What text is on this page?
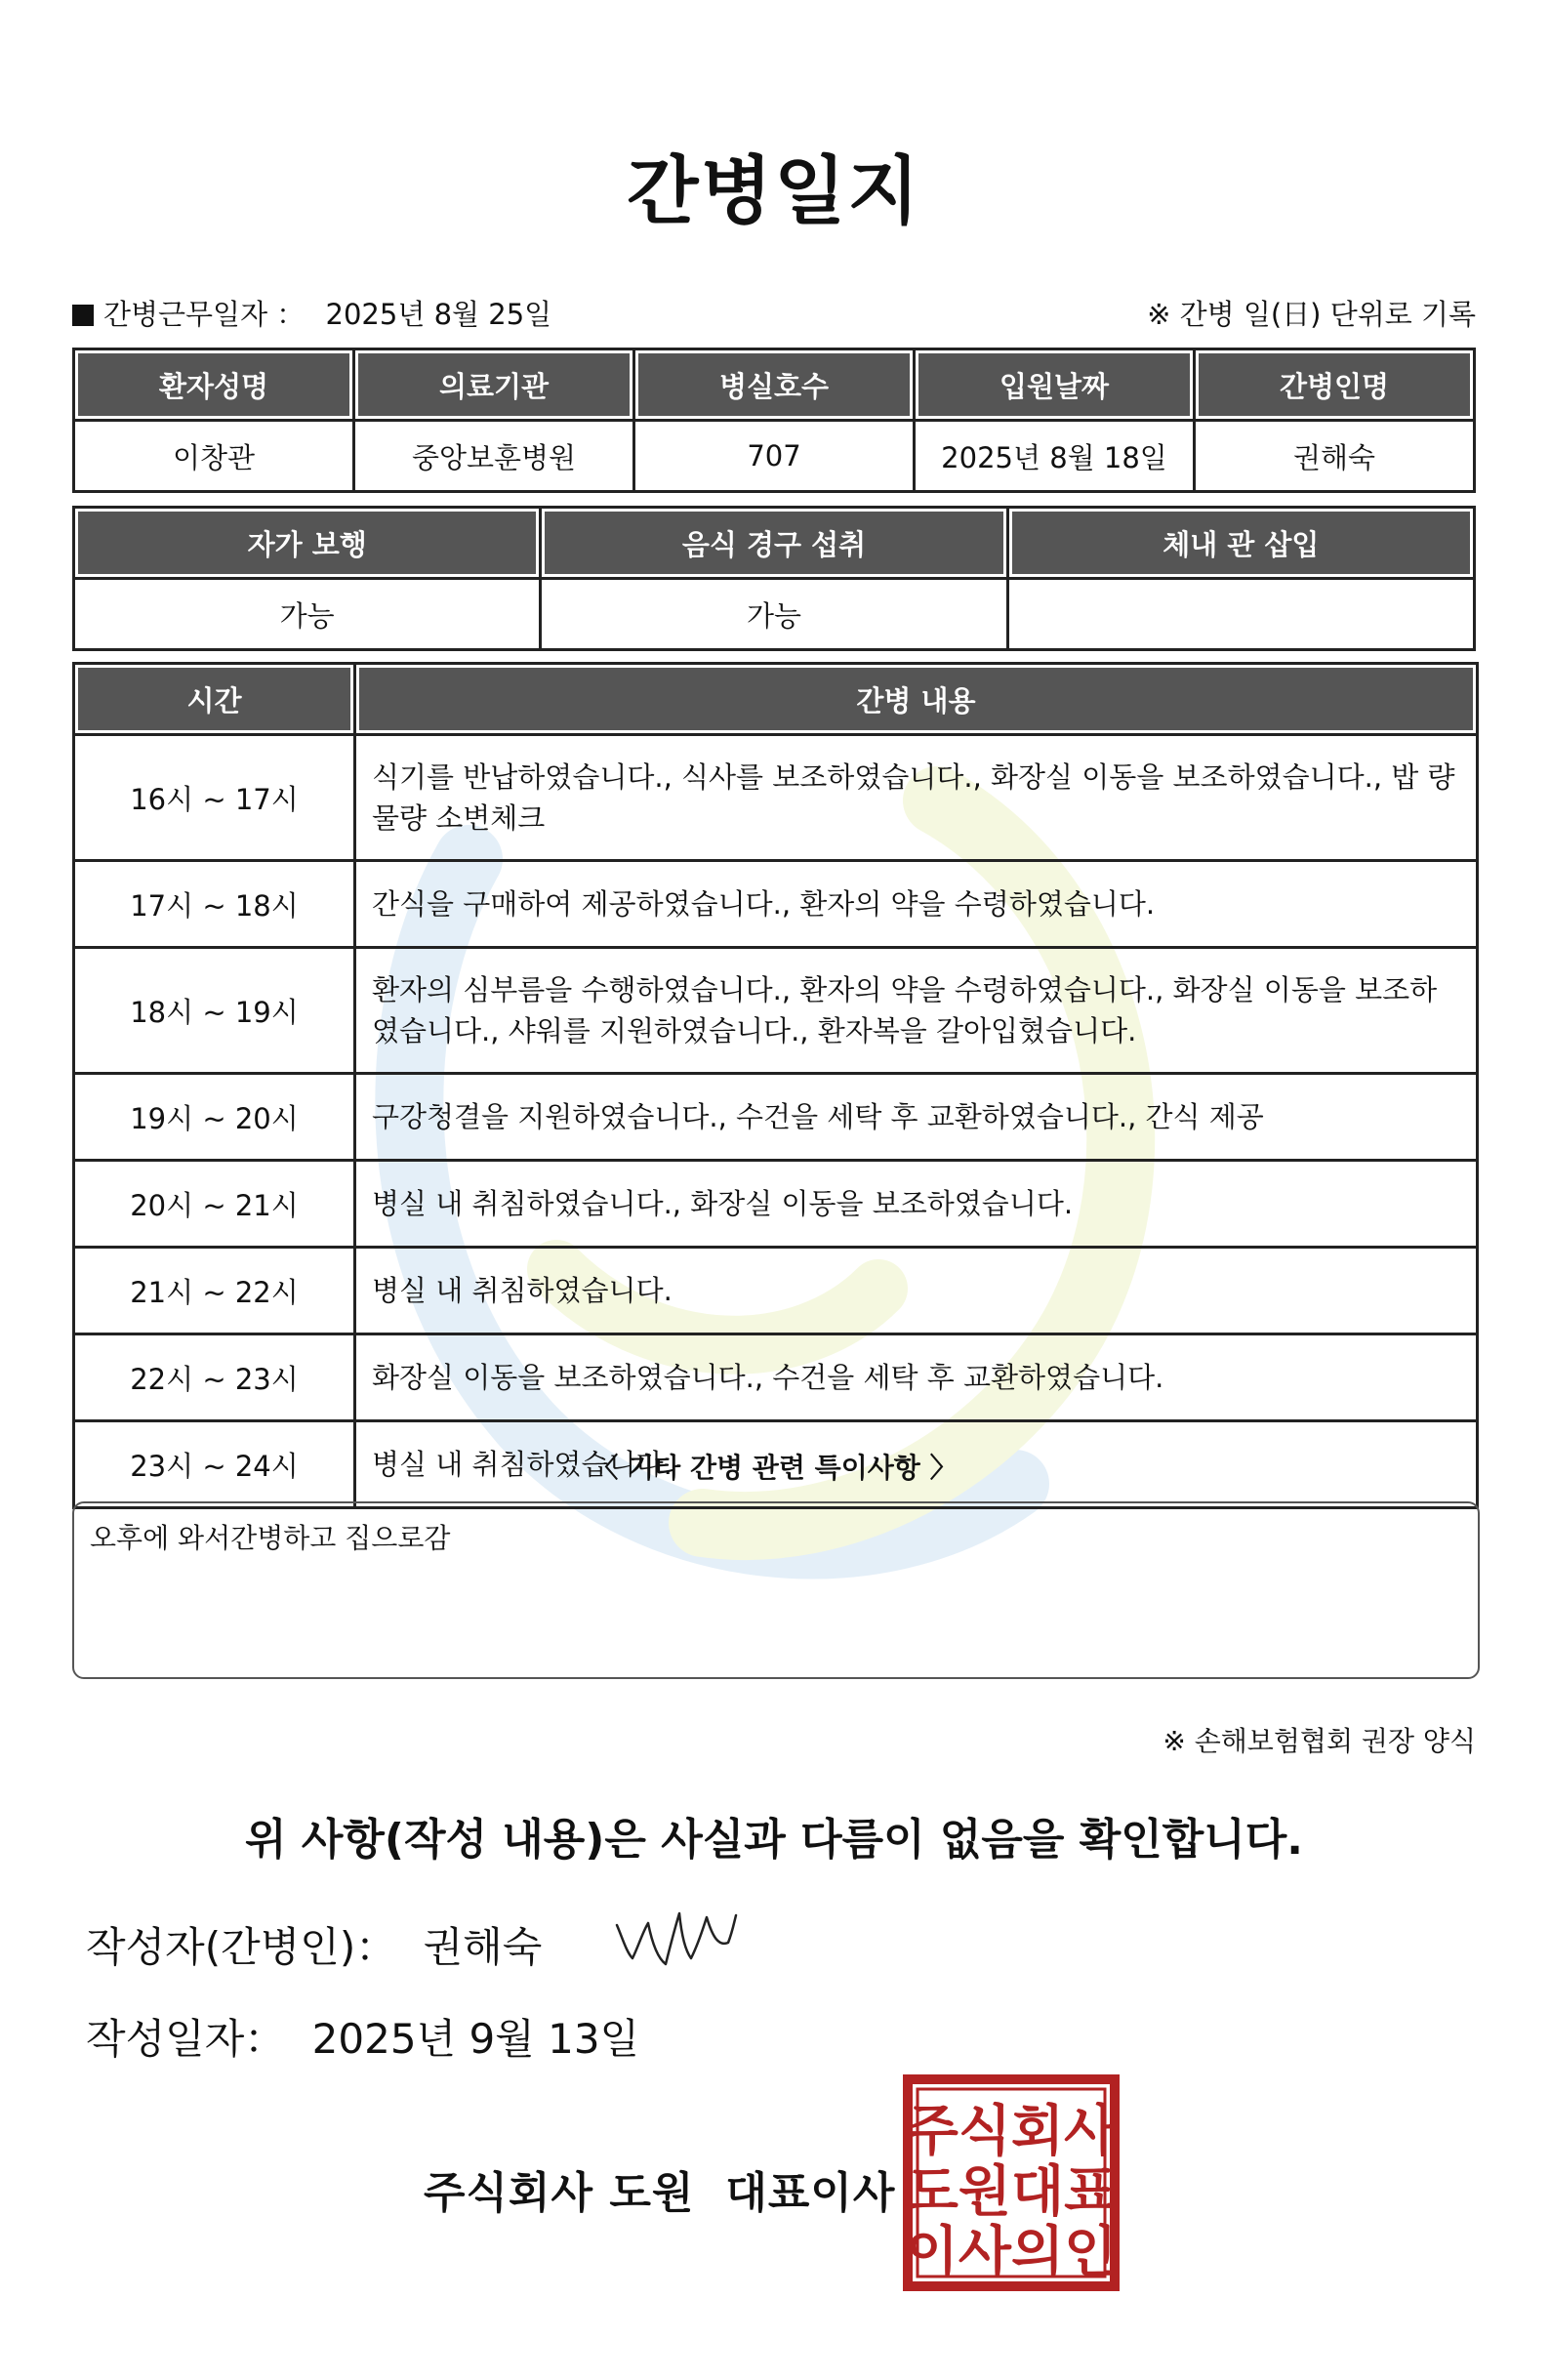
간병일지
간병근무일자 ： 2025년 8월 25일	※ 간병 일(日) 단위로 기록
환자성명	의료기관	병실호수	입원날짜	간병인명
이창관	중앙보훈병원	707	2025년 8월 18일	권해숙
자가 보행	음식 경구 섭취	체내 관 삽입
가능	가능	
시간	간병 내용
16시 ~ 17시	식기를 반납하였습니다., 식사를 보조하였습니다., 화장실 이동을 보조하였습니다., 밥 량 물량 소변체크
17시 ~ 18시	간식을 구매하여 제공하였습니다., 환자의 약을 수령하였습니다.
18시 ~ 19시	환자의 심부름을 수행하였습니다., 환자의 약을 수령하였습니다., 화장실 이동을 보조하였습니다., 샤워를 지원하였습니다., 환자복을 갈아입혔습니다.
19시 ~ 20시	구강청결을 지원하였습니다., 수건을 세탁 후 교환하였습니다., 간식 제공
20시 ~ 21시	병실 내 취침하였습니다., 화장실 이동을 보조하였습니다.
21시 ~ 22시	병실 내 취침하였습니다.
22시 ~ 23시	화장실 이동을 보조하였습니다., 수건을 세탁 후 교환하였습니다.
23시 ~ 24시	병실 내 취침하였습니다.
〈 기타 간병 관련 특이사항 〉
오후에 와서간병하고 집으로감
※ 손해보험협회 권장 양식
위 사항(작성 내용)은 사실과 다름이 없음을 확인합니다.
작성자(간병인)： 권해숙
작성일자： 2025년 9월 13일
주식회사 도원 대표이사
주식회사
도원대표
이사의인
